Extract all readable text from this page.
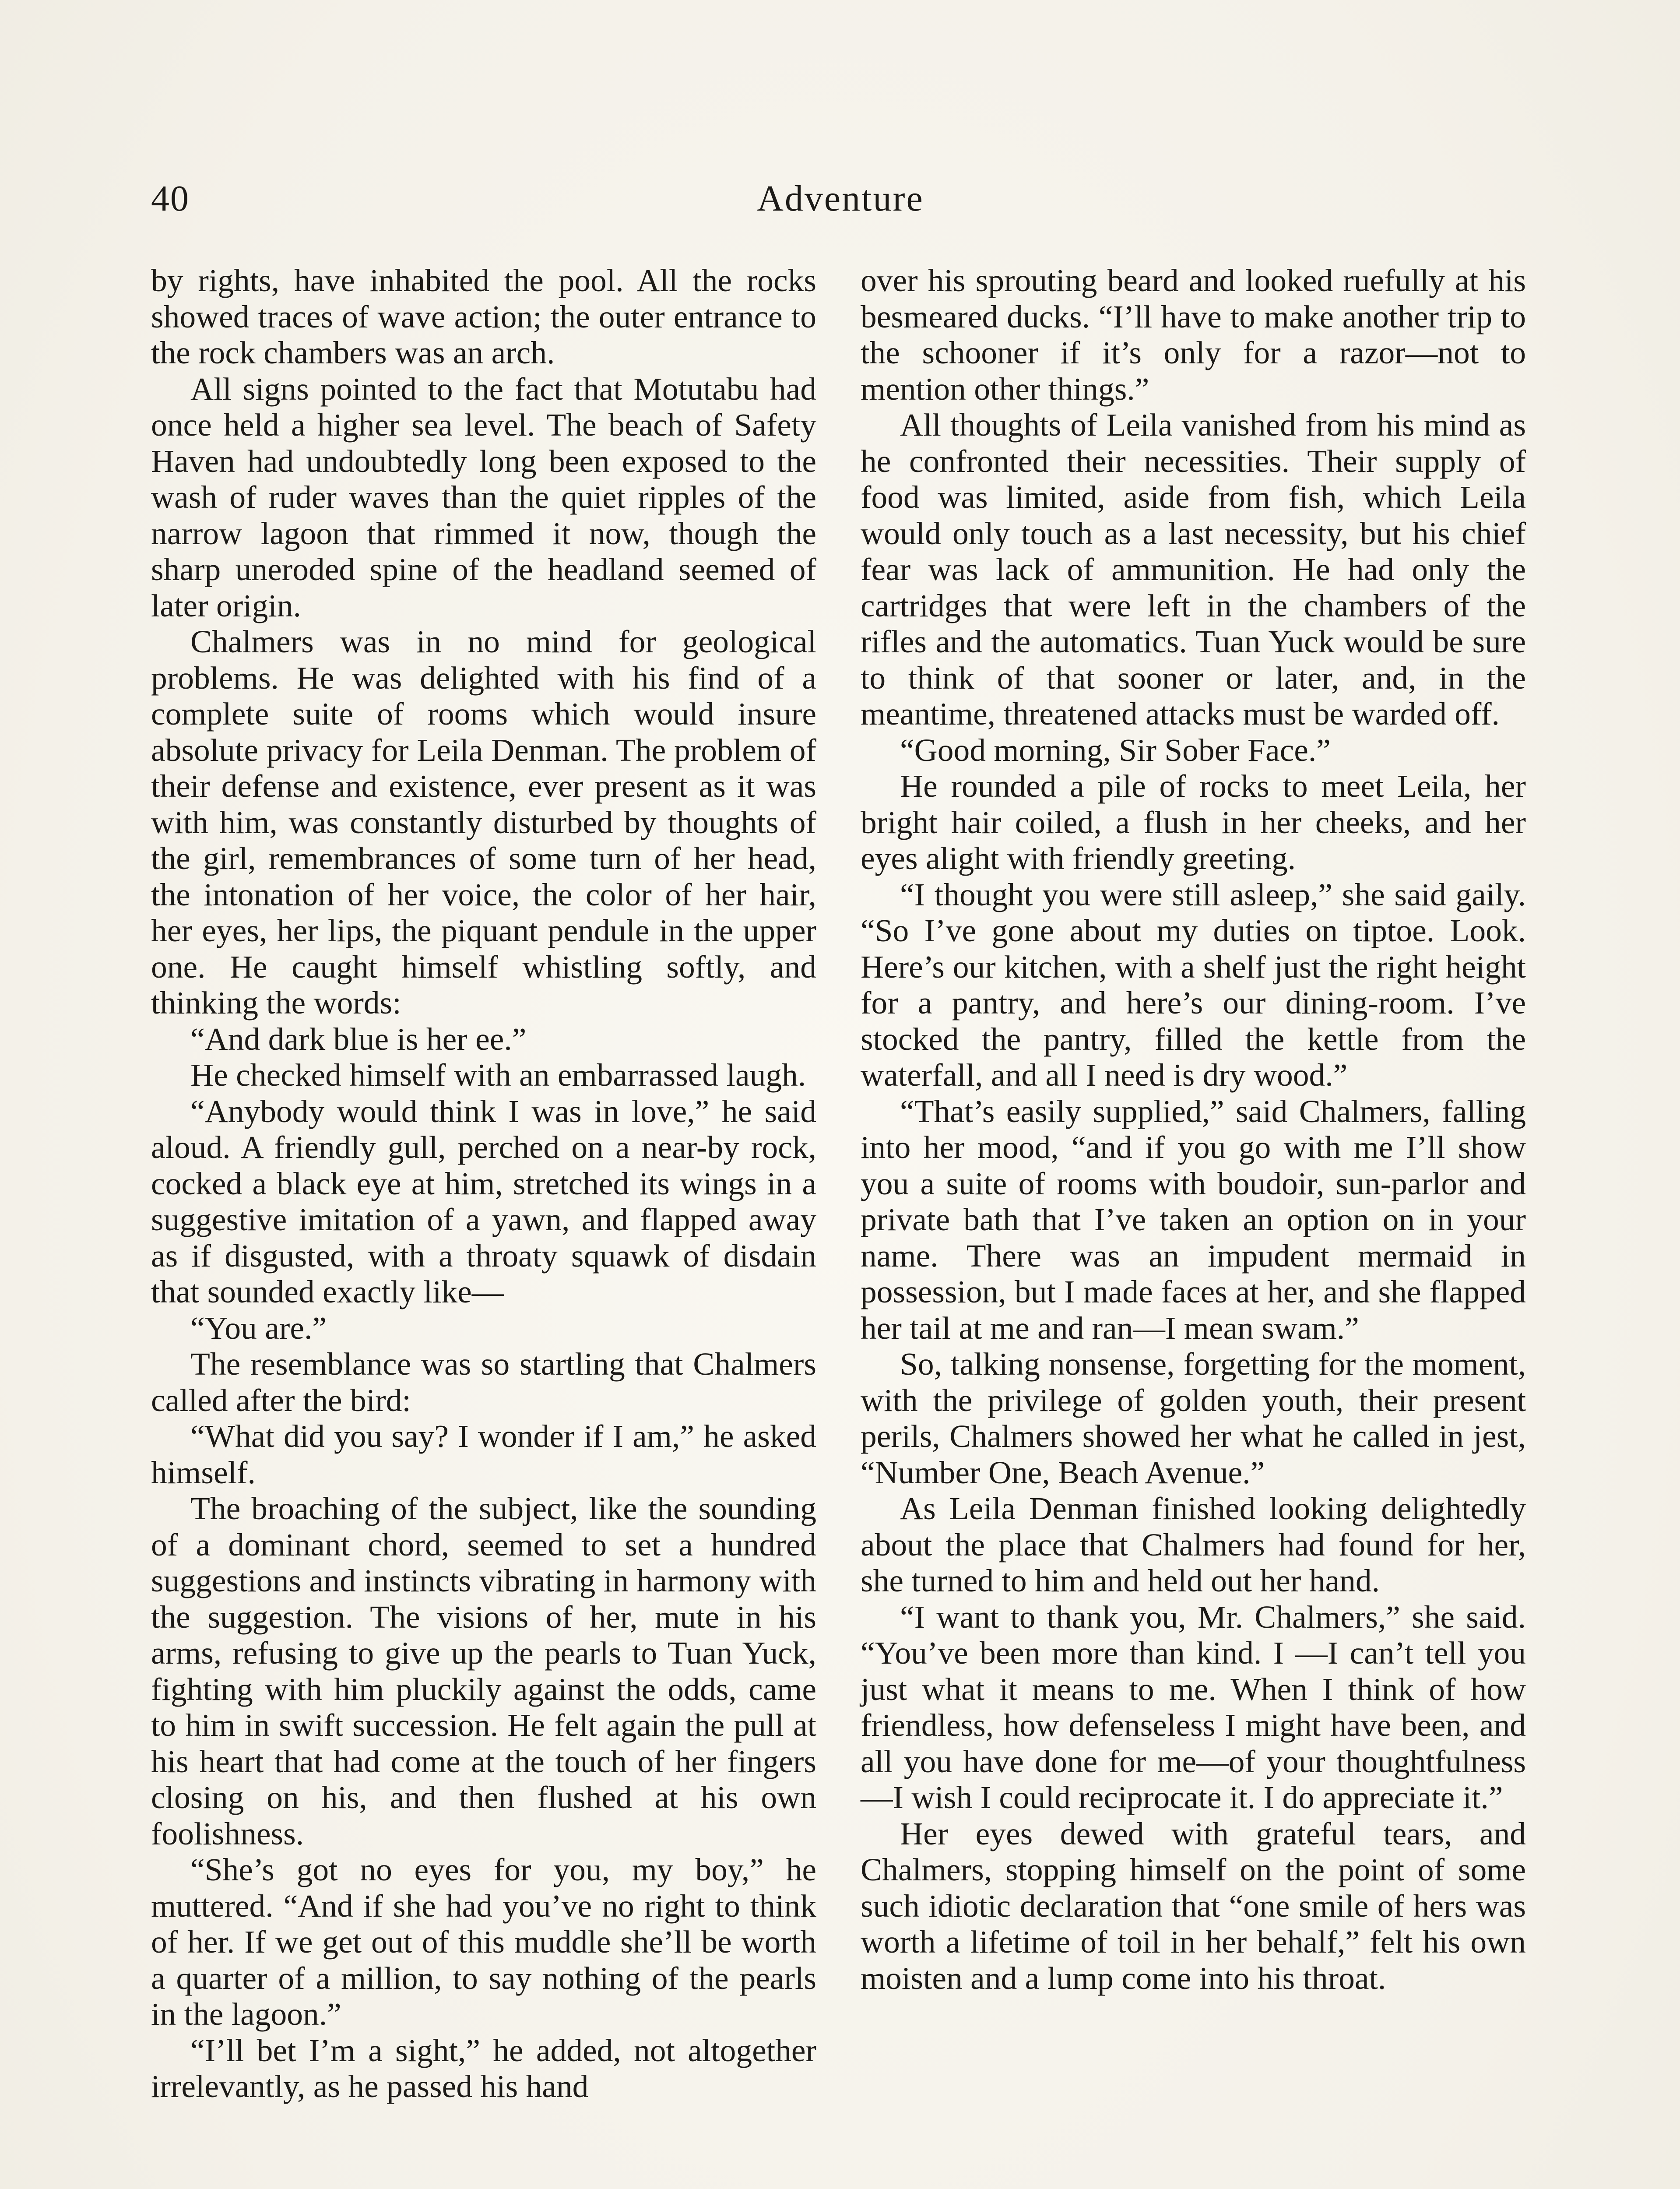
40	Adventure

by rights, have inhabited the pool. All the rocks showed traces of wave action; the outer entrance to the rock chambers was an arch.

All signs pointed to the fact that Motutabu had once held a higher sea level. The beach of Safety Haven had undoubtedly long been exposed to the wash of ruder waves than the quiet ripples of the narrow lagoon that rimmed it now, though the sharp uneroded spine of the headland seemed of later origin.

Chalmers was in no mind for geological problems. He was delighted with his find of a complete suite of rooms which would insure absolute privacy for Leila Denman. The problem of their defense and existence, ever present as it was with him, was constantly disturbed by thoughts of the girl, remembrances of some turn of her head, the intonation of her voice, the color of her hair, her eyes, her lips, the piquant pendule in the upper one. He caught himself whistling softly, and thinking the words:

“And dark blue is her ee.”

He checked himself with an embarrassed laugh.

“Anybody would think I was in love,” he said aloud. A friendly gull, perched on a near-by rock, cocked a black eye at him, stretched its wings in a suggestive imitation of a yawn, and flapped away as if disgusted, with a throaty squawk of disdain that sounded exactly like—

“You are.”

The resemblance was so startling that Chalmers called after the bird:

“What did you say? I wonder if I am,” he asked himself.

The broaching of the subject, like the sounding of a dominant chord, seemed to set a hundred suggestions and instincts vibrating in harmony with the suggestion. The visions of her, mute in his arms, refusing to give up the pearls to Tuan Yuck, fighting with him pluckily against the odds, came to him in swift succession. He felt again the pull at his heart that had come at the touch of her fingers closing on his, and then flushed at his own foolishness.

“She’s got no eyes for you, my boy,” he muttered. “And if she had you’ve no right to think of her. If we get out of this muddle she’ll be worth a quarter of a million, to say nothing of the pearls in the lagoon.”

“I’ll bet I’m a sight,” he added, not altogether irrelevantly, as he passed his hand

over his sprouting beard and looked ruefully at his besmeared ducks. “I’ll have to make another trip to the schooner if it’s only for a razor—not to mention other things.”

All thoughts of Leila vanished from his mind as he confronted their necessities. Their supply of food was limited, aside from fish, which Leila would only touch as a last necessity, but his chief fear was lack of ammunition. He had only the cartridges that were left in the chambers of the rifles and the automatics. Tuan Yuck would be sure to think of that sooner or later, and, in the meantime, threatened attacks must be warded off.

“Good morning, Sir Sober Face.”

He rounded a pile of rocks to meet Leila, her bright hair coiled, a flush in her cheeks, and her eyes alight with friendly greeting.

“I thought you were still asleep,” she said gaily. “So I’ve gone about my duties on tiptoe. Look. Here’s our kitchen, with a shelf just the right height for a pantry, and here’s our dining-room. I’ve stocked the pantry, filled the kettle from the waterfall, and all I need is dry wood.”

“That’s easily supplied,” said Chalmers, falling into her mood, “and if you go with me I’ll show you a suite of rooms with boudoir, sun-parlor and private bath that I’ve taken an option on in your name. There was an impudent mermaid in possession, but I made faces at her, and she flapped her tail at me and ran—I mean swam.”

So, talking nonsense, forgetting for the moment, with the privilege of golden youth, their present perils, Chalmers showed her what he called in jest, “Number One, Beach Avenue.”

As Leila Denman finished looking delightedly about the place that Chalmers had found for her, she turned to him and held out her hand.

“I want to thank you, Mr. Chalmers,” she said. “You’ve been more than kind. I —I can’t tell you just what it means to me. When I think of how friendless, how defenseless I might have been, and all you have done for me—of your thoughtfulness—I wish I could reciprocate it. I do appreciate it.”

Her eyes dewed with grateful tears, and Chalmers, stopping himself on the point of some such idiotic declaration that “one smile of hers was worth a lifetime of toil in her behalf,” felt his own moisten and a lump come into his throat.
